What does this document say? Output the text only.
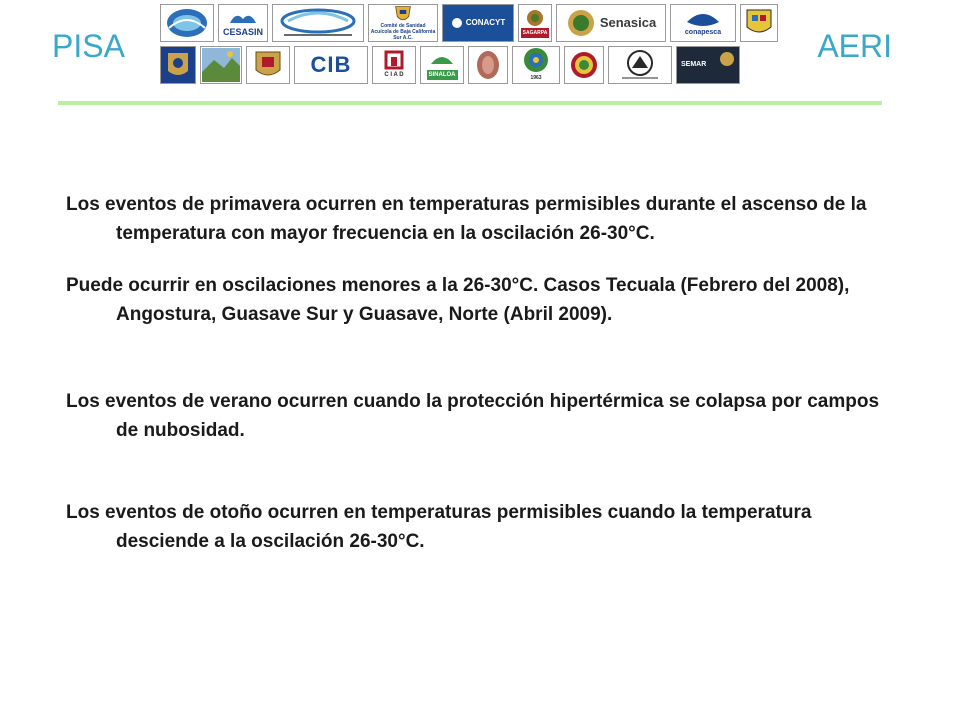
PISA	AERI
CESASIN
Comité de Sanidad Acuícola de Baja California Sur A.C.
CONACYT
SAGARPA
Senasica
conapesca
CIB	C I A D	SINALOA	1963
SEMAR

Los eventos de primavera ocurren en temperaturas permisibles durante el ascenso de la temperatura con mayor frecuencia en la oscilación 26-30°C.

Puede ocurrir en oscilaciones menores a la 26-30°C. Casos Tecuala (Febrero del 2008), Angostura, Guasave Sur y Guasave, Norte (Abril 2009).

Los eventos de verano ocurren cuando la protección hipertérmica se colapsa por campos de nubosidad.

Los eventos de otoño ocurren en temperaturas permisibles cuando la temperatura desciende a la oscilación 26-30°C.
